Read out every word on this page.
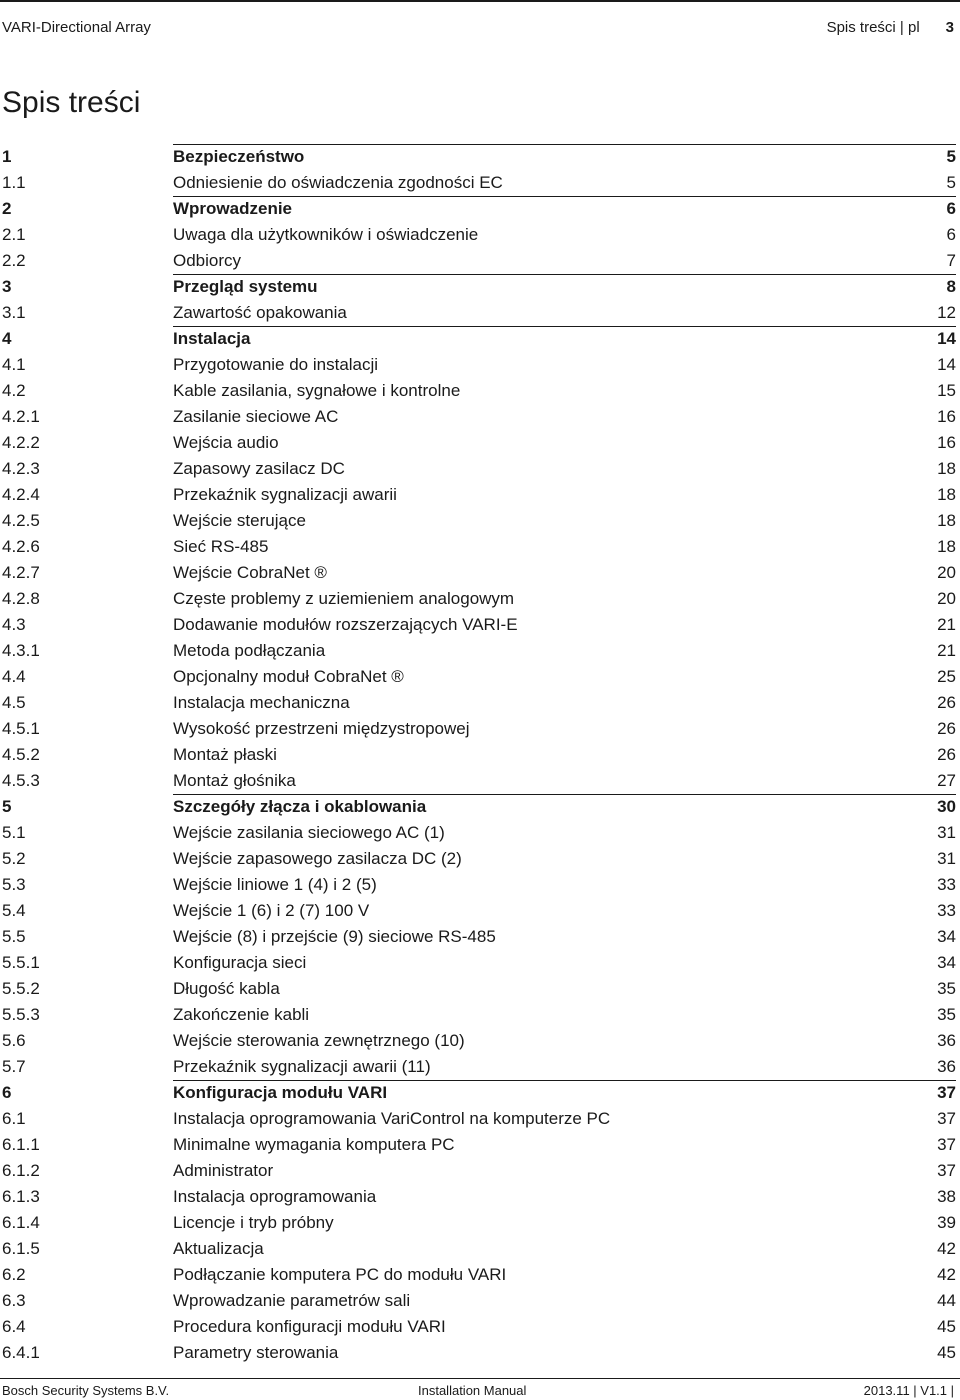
VARI-Directional Array	Spis treści | pl 3
Spis treści
1	Bezpieczeństwo	5
1.1	Odniesienie do oświadczenia zgodności EC	5
2	Wprowadzenie	6
2.1	Uwaga dla użytkowników i oświadczenie	6
2.2	Odbiorcy	7
3	Przegląd systemu	8
3.1	Zawartość opakowania	12
4	Instalacja	14
4.1	Przygotowanie do instalacji	14
4.2	Kable zasilania, sygnałowe i kontrolne	15
4.2.1	Zasilanie sieciowe AC	16
4.2.2	Wejścia audio	16
4.2.3	Zapasowy zasilacz DC	18
4.2.4	Przekaźnik sygnalizacji awarii	18
4.2.5	Wejście sterujące	18
4.2.6	Sieć RS-485	18
4.2.7	Wejście CobraNet ®	20
4.2.8	Częste problemy z uziemieniem analogowym	20
4.3	Dodawanie modułów rozszerzających VARI-E	21
4.3.1	Metoda podłączania	21
4.4	Opcjonalny moduł CobraNet ®	25
4.5	Instalacja mechaniczna	26
4.5.1	Wysokość przestrzeni międzystropowej	26
4.5.2	Montaż płaski	26
4.5.3	Montaż głośnika	27
5	Szczegóły złącza i okablowania	30
5.1	Wejście zasilania sieciowego AC (1)	31
5.2	Wejście zapasowego zasilacza DC (2)	31
5.3	Wejście liniowe 1 (4) i 2 (5)	33
5.4	Wejście 1 (6) i 2 (7) 100 V	33
5.5	Wejście (8) i przejście (9) sieciowe RS-485	34
5.5.1	Konfiguracja sieci	34
5.5.2	Długość kabla	35
5.5.3	Zakończenie kabli	35
5.6	Wejście sterowania zewnętrznego (10)	36
5.7	Przekaźnik sygnalizacji awarii (11)	36
6	Konfiguracja modułu VARI	37
6.1	Instalacja oprogramowania VariControl na komputerze PC	37
6.1.1	Minimalne wymagania komputera PC	37
6.1.2	Administrator	37
6.1.3	Instalacja oprogramowania	38
6.1.4	Licencje i tryb próbny	39
6.1.5	Aktualizacja	42
6.2	Podłączanie komputera PC do modułu VARI	42
6.3	Wprowadzanie parametrów sali	44
6.4	Procedura konfiguracji modułu VARI	45
6.4.1	Parametry sterowania	45
Bosch Security Systems B.V.	Installation Manual	2013.11 | V1.1 |
